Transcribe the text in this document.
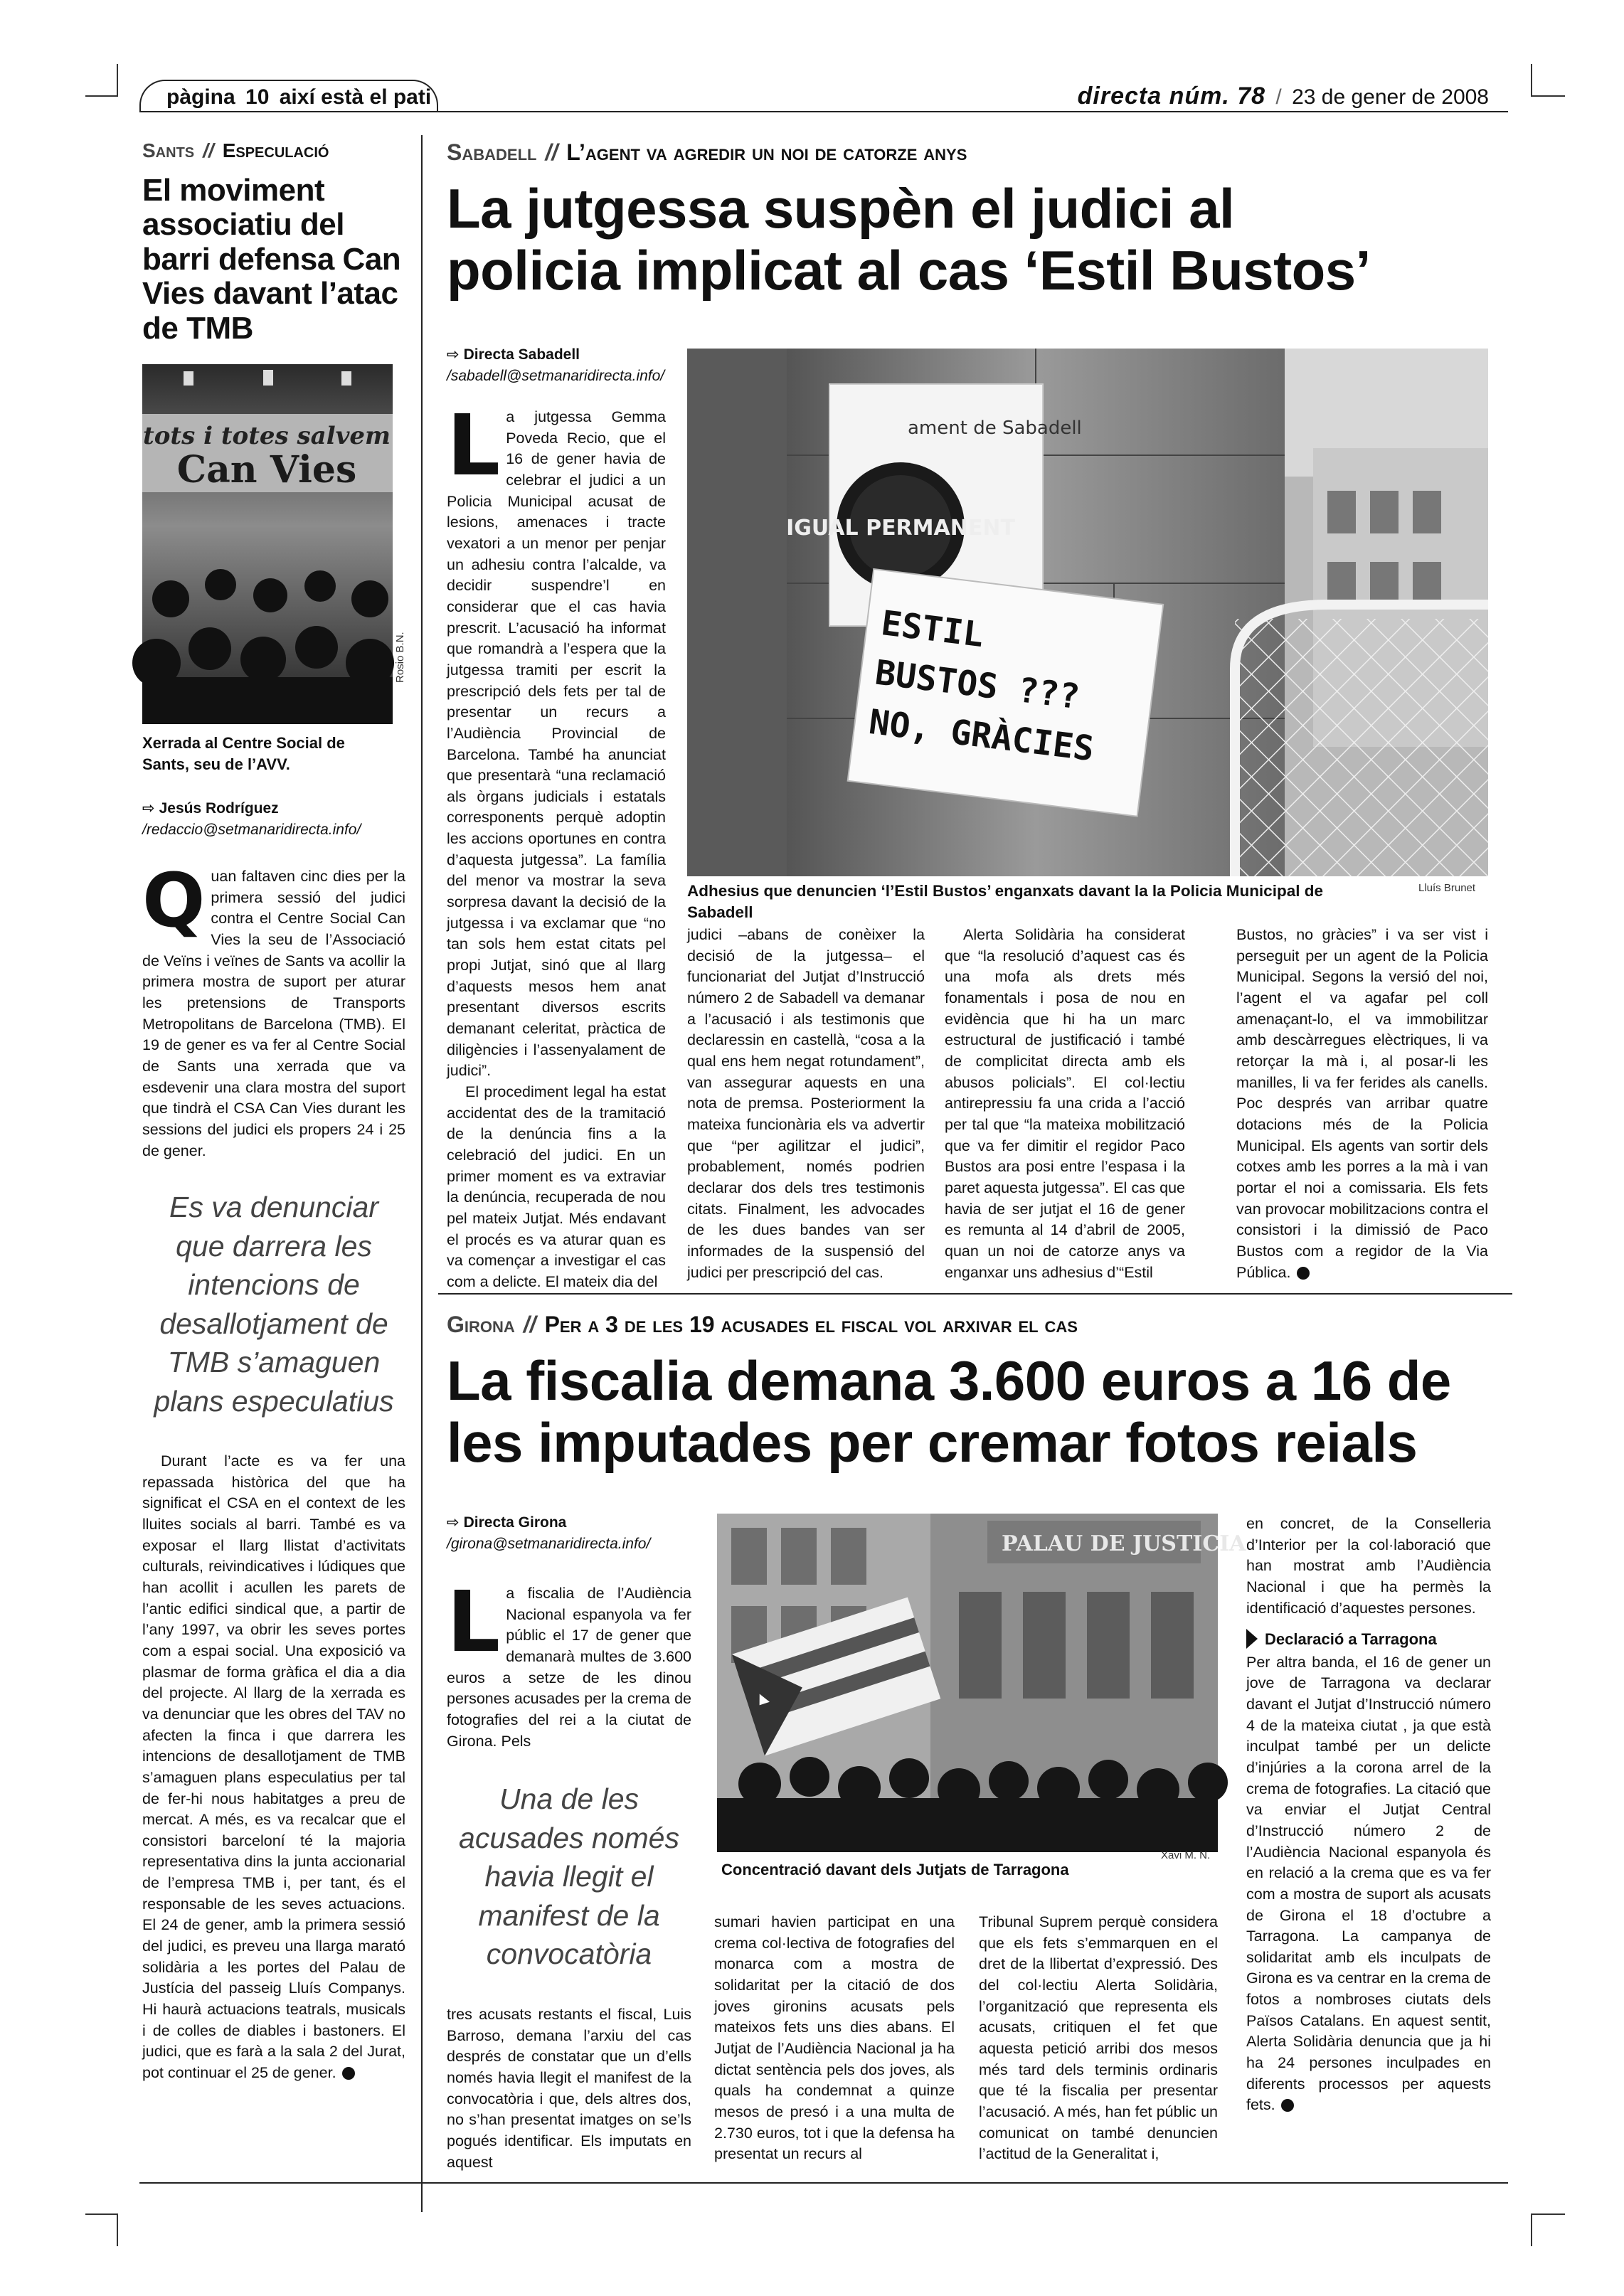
pàgina 10 així està el pati	directa núm. 78 / 23 de gener de 2008
Sants // Especulació
El moviment associatiu del barri defensa Can Vies davant l’atac de TMB
tots i totes salvem
Can Vies
Rosio B.N.
Xerrada al Centre Social de Sants, seu de l’AVV.
⇨ Jesús Rodríguez
/redaccio@setmanaridirecta.info/

Quan faltaven cinc dies per la primera sessió del judici contra el Centre Social Can Vies la seu de l’Associació de Veïns i veïnes de Sants va acollir la primera mostra de suport per aturar les pretensions de Transports Metropolitans de Barcelona (TMB). El 19 de gener es va fer al Centre Social de Sants una xerrada que va esdevenir una clara mostra del suport que tindrà el CSA Can Vies durant les sessions del judici els propers 24 i 25 de gener.

Es va denunciar que darrera les intencions de desallotjament de TMB s’amaguen plans especulatius

Durant l’acte es va fer una repassada històrica del que ha significat el CSA en el context de les lluites socials al barri. També es va exposar el llarg llistat d’activitats culturals, reivindicatives i lúdiques que han acollit i acullen les parets de l’antic edifici sindical que, a partir de l’any 1997, va obrir les seves portes com a espai social. Una exposició va plasmar de forma gràfica el dia a dia del projecte. Al llarg de la xerrada es va denunciar que les obres del TAV no afecten la finca i que darrera les intencions de desallotjament de TMB s’amaguen plans especulatius per tal de fer-hi nous habitatges a preu de mercat. A més, es va recalcar que el consistori barceloní té la majoria representativa dins la junta accionarial de l’empresa TMB i, per tant, és el responsable de les seves actuacions. El 24 de gener, amb la primera sessió del judici, es preveu una llarga marató solidària a les portes del Palau de Justícia del passeig Lluís Companys. Hi haurà actuacions teatrals, musicals i de colles de diables i bastoners. El judici, que es farà a la sala 2 del Jurat, pot continuar el 25 de gener.

Sabadell // L’agent va agredir un noi de catorze anys
La jutgessa suspèn el judici al
policia implicat al cas ‘Estil Bustos’
⇨ Directa Sabadell
/sabadell@setmanaridirecta.info/
ament de Sabadell
IGUAL PERMANENT
ESTIL
BUSTOS ???
NO, GRÀCIES
Adhesius que denuncien ‘l’Estil Bustos’ enganxats davant la la Policia Municipal de Sabadell
Lluís Brunet

La jutgessa Gemma Poveda Recio, que el 16 de gener havia de celebrar el judici a un Policia Municipal acusat de lesions, amenaces i tracte vexatori a un menor per penjar un adhesiu contra l’alcalde, va decidir suspendre’l en considerar que el cas havia prescrit. L’acusació ha informat que romandrà a l’espera que la jutgessa tramiti per escrit la prescripció dels fets per tal de presentar un recurs a l’Audiència Provincial de Barcelona. També ha anunciat que presentarà “una reclamació als òrgans judicials i estatals corresponents perquè adoptin les accions oportunes en contra d’aquesta jutgessa”. La família del menor va mostrar la seva sorpresa davant la decisió de la jutgessa i va exclamar que “no tan sols hem estat citats pel propi Jutjat, sinó que al llarg d’aquests mesos hem anat presentant diversos escrits demanant celeritat, pràctica de diligències i l’assenyalament de judici”.

El procediment legal ha estat accidentat des de la tramitació de la denúncia fins a la celebració del judici. En un primer moment es va extraviar la denúncia, recuperada de nou pel mateix Jutjat. Més endavant el procés es va aturar quan es va començar a investigar el cas com a delicte. El mateix dia del

judici –abans de conèixer la decisió de la jutgessa– el funcionariat del Jutjat d’Instrucció número 2 de Sabadell va demanar a l’acusació i als testimonis que declaressin en castellà, “cosa a la qual ens hem negat rotundament”, van assegurar aquests en una nota de premsa. Posteriorment la mateixa funcionària els va advertir que “per agilitzar el judici”, probablement, només podrien declarar dos dels tres testimonis citats. Finalment, les advocades de les dues bandes van ser informades de la suspensió del judici per prescripció del cas.

Alerta Solidària ha considerat que “la resolució d’aquest cas és una mofa als drets més fonamentals i posa de nou en evidència que hi ha un marc estructural de justificació i també de complicitat directa amb els abusos policials”. El col·lectiu antirepressiu fa una crida a l’acció per tal que “la mateixa mobilització que va fer dimitir el regidor Paco Bustos ara posi entre l’espasa i la paret aquesta jutgessa”. El cas que havia de ser jutjat el 16 de gener es remunta al 14 d’abril de 2005, quan un noi de catorze anys va enganxar uns adhesius d’“Estil

Bustos, no gràcies” i va ser vist i perseguit per un agent de la Policia Municipal. Segons la versió del noi, l’agent el va agafar pel coll amenaçant-lo, el va immobilitzar amb descàrregues elèctriques, li va retorçar la mà i, al posar-li les manilles, li va fer ferides als canells. Poc després van arribar quatre dotacions més de la Policia Municipal. Els agents van sortir dels cotxes amb les porres a la mà i van portar el noi a comissaria. Els fets van provocar mobilitzacions contra el consistori i la dimissió de Paco Bustos com a regidor de la Via Pública.

Girona // Per a 3 de les 19 acusades el fiscal vol arxivar el cas
La fiscalia demana 3.600 euros a 16 de
les imputades per cremar fotos reials
⇨ Directa Girona
/girona@setmanaridirecta.info/	PALAU DE JUSTICIA
Concentració davant dels Jutjats de Tarragona
Xavi M. N.

La fiscalia de l’Audiència Nacional espanyola va fer públic el 17 de gener que demanarà multes de 3.600 euros a setze de les dinou persones acusades per la crema de fotografies del rei a la ciutat de Girona. Pels

Una de les acusades només havia llegit el manifest de la convocatòria

tres acusats restants el fiscal, Luis Barroso, demana l’arxiu del cas després de constatar que un d’ells només havia llegit el manifest de la convocatòria i que, dels altres dos, no s’han presentat imatges on se’ls pogués identificar. Els imputats en aquest

sumari havien participat en una crema col·lectiva de fotografies del monarca com a mostra de solidaritat per la citació de dos joves gironins acusats pels mateixos fets uns dies abans. El Jutjat de l’Audiència Nacional ja ha dictat sentència pels dos joves, als quals ha condemnat a quinze mesos de presó i a una multa de 2.730 euros, tot i que la defensa ha presentat un recurs al

Tribunal Suprem perquè considera que els fets s’emmarquen en el dret de la llibertat d’expressió. Des del col·lectiu Alerta Solidària, l’organització que representa els acusats, critiquen el fet que aquesta petició arribi dos mesos més tard dels terminis ordinaris que té la fiscalia per presentar l’acusació. A més, han fet públic un comunicat on també denuncien l’actitud de la Generalitat i,

en concret, de la Conselleria d’Interior per la col·laboració que han mostrat amb l’Audiència Nacional i que ha permès la identificació d’aquestes persones.

Declaració a Tarragona

Per altra banda, el 16 de gener un jove de Tarragona va declarar davant el Jutjat d’Instrucció número 4 de la mateixa ciutat , ja que està inculpat també per un delicte d’injúries a la corona arrel de la crema de fotografies. La citació que va enviar el Jutjat Central d’Instrucció número 2 de l’Audiència Nacional espanyola és en relació a la crema que es va fer com a mostra de suport als acusats de Girona el 18 d’octubre a Tarragona. La campanya de solidaritat amb els inculpats de Girona es va centrar en la crema de fotos a nombroses ciutats dels Països Catalans. En aquest sentit, Alerta Solidària denuncia que ja hi ha 24 persones inculpades en diferents processos per aquests fets.
